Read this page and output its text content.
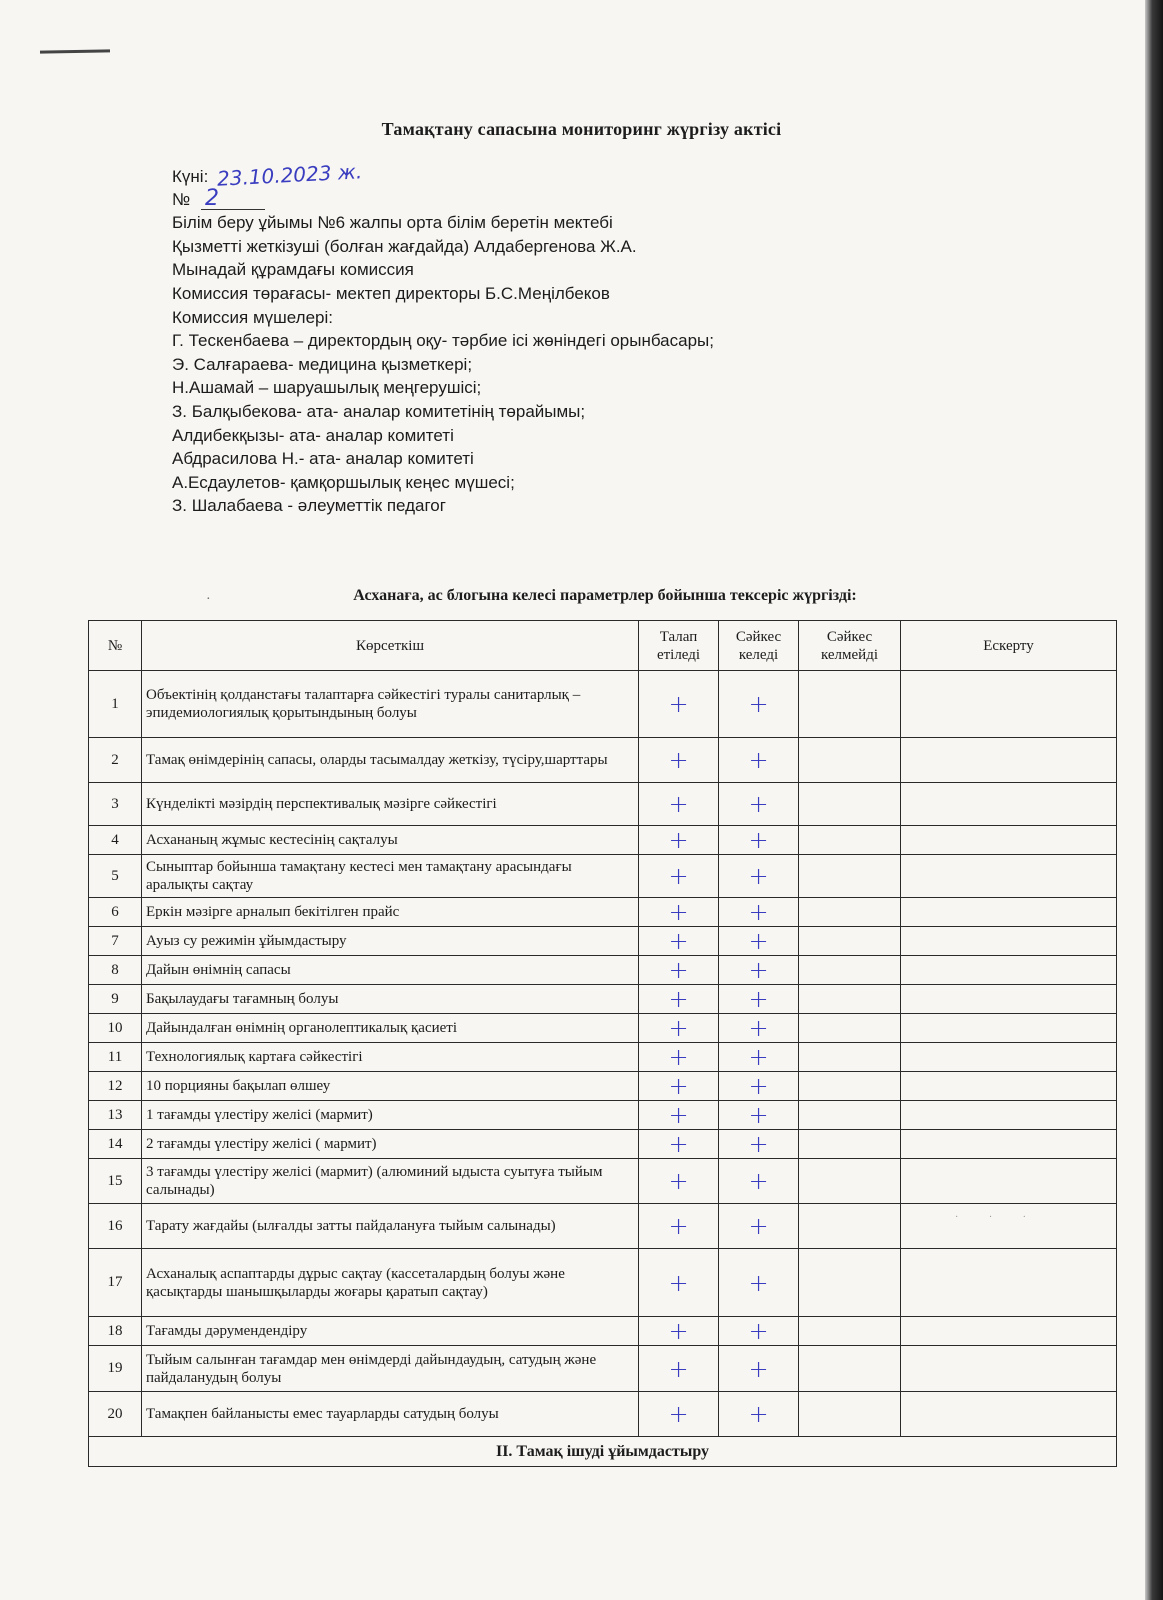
Тамақтану сапасына мониторинг жүргізу актісі
Күні: 23.10.2023 ж.
№ 2
Білім беру ұйымы №6 жалпы орта білім беретін мектебі
Қызметті жеткізуші (болған жағдайда) Алдабергенова Ж.А.
Мынадай құрамдағы комиссия
Комиссия төрағасы- мектеп директоры Б.С.Меңілбеков
Комиссия мүшелері:
Г. Тескенбаева – директордың оқу- тәрбие ісі жөніндегі орынбасары;
Э. Салғараева- медицина қызметкері;
Н.Ашамай – шаруашылық меңгерушісі;
З. Балқыбекова- ата- аналар комитетінің төрайымы;
Алдибекқызы- ата- аналар комитеті
Абдрасилова Н.- ата- аналар комитеті
А.Есдаулетов- қамқоршылық кеңес мүшесі;
З. Шалабаева - әлеуметтік педагог
·	Асханаға, ас блогына келесі параметрлер бойынша тексеріс жүргізді:
№	Көрсеткіш	Талап етіледі	Сәйкес келеді	Сәйкес келмейді	Ескерту
1	Объектінің қолданстағы талаптарға сәйкестігі туралы санитарлық – эпидемиологиялық қорытындының болуы	+	+		
2	Тамақ өнімдерінің сапасы, оларды тасымалдау жеткізу, түсіру,шарттары	+	+		
3	Күнделікті мәзірдің перспективалық мәзірге сәйкестігі	+	+		
4	Асхананың жұмыс кестесінің сақталуы	+	+		
5	Сыныптар бойынша тамақтану кестесі мен тамақтану арасындағы аралықты сақтау	+	+		
6	Еркін мәзірге арналып бекітілген прайс	+	+		
7	Ауыз су режимін ұйымдастыру	+	+		
8	Дайын өнімнің сапасы	+	+		
9	Бақылаудағы тағамның болуы	+	+		
10	Дайындалған өнімнің органолептикалық қасиеті	+	+		
11	Технологиялық картаға сәйкестігі	+	+		
12	10 порцияны бақылап өлшеу	+	+		
13	1 тағамды үлестіру желісі (мармит)	+	+		
14	2 тағамды үлестіру желісі ( мармит)	+	+		
15	3 тағамды үлестіру желісі (мармит) (алюминий ыдыста суытуға тыйым салынады)	+	+		
16	Тарату жағдайы (ылғалды затты пайдалануға тыйым салынады)	+	+		
17	Асханалық аспаптарды дұрыс сақтау (кассеталардың болуы және қасықтарды шанышқыларды жоғары қаратып сақтау)	+	+		
18	Тағамды дәрумендендіру	+	+		
19	Тыйым салынған тағамдар мен өнімдерді дайындаудың, сатудың және пайдаланудың болуы	+	+		
20	Тамақпен байланысты емес тауарларды сатудың болуы	+	+		
II. Тамақ ішуді ұйымдастыру					
· · ·
